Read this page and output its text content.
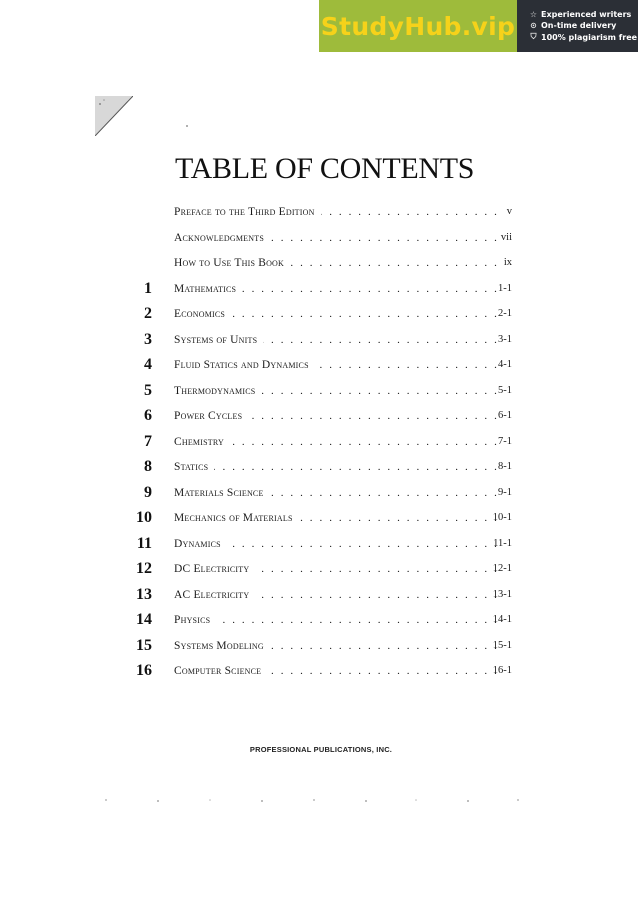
StudyHub.vip ☆ Experienced writers
⊙ On-time delivery
⛉ 100% plagiarism free
TABLE OF CONTENTS
Preface to the Third Edition . . .	v
Acknowledgments . . .	vii
How to Use This Book . . .	ix
1 Mathematics . . .	1-1
2 Economics . . .	2-1
3 Systems of Units . . .	3-1
4 Fluid Statics and Dynamics . . .	4-1
5 Thermodynamics . . .	5-1
6 Power Cycles . . .	6-1
7 Chemistry . . .	7-1
8 Statics . . .	8-1
9 Materials Science . . .	9-1
10 Mechanics of Materials . . .	10-1
11 Dynamics . . .	11-1
12 DC Electricity . . .	12-1
13 AC Electricity . . .	13-1
14 Physics . . .	14-1
15 Systems Modeling . . .	15-1
16 Computer Science . . .	16-1
PROFESSIONAL PUBLICATIONS, INC.
